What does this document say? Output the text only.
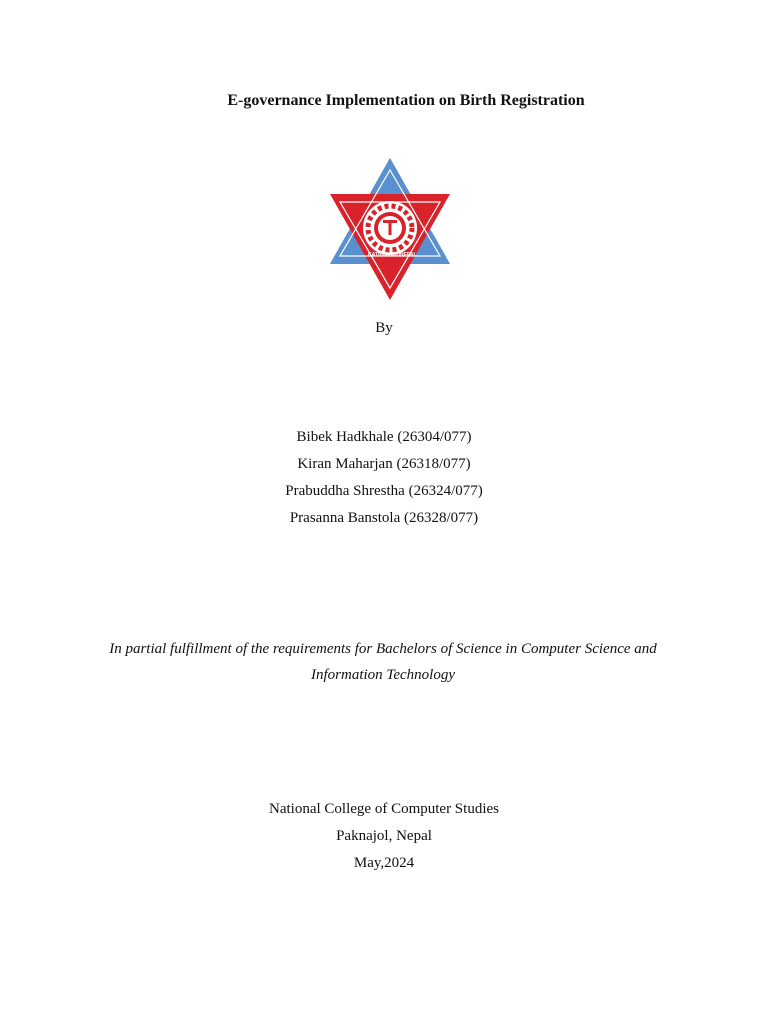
E-governance Implementation on Birth Registration
KATHMANDU NEPAL
By
Bibek Hadkhale (26304/077)
Kiran Maharjan (26318/077)
Prabuddha Shrestha (26324/077)
Prasanna Banstola (26328/077)
In partial fulfillment of the requirements for Bachelors of Science in Computer Science and
Information Technology
National College of Computer Studies
Paknajol, Nepal
May,2024
